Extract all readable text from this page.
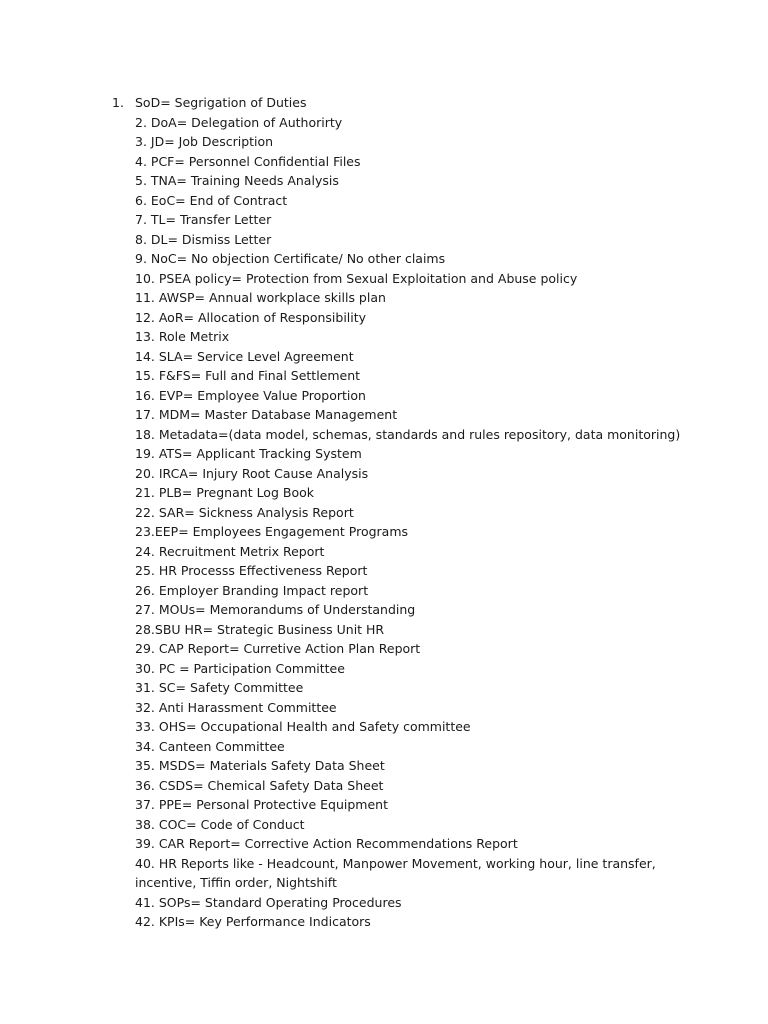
1. SoD= Segrigation of Duties
2. DoA= Delegation of Authorirty
3. JD= Job Description
4. PCF= Personnel Confidential Files
5. TNA= Training Needs Analysis
6. EoC= End of Contract
7. TL= Transfer Letter
8. DL= Dismiss Letter
9. NoC= No objection Certificate/ No other claims
10. PSEA policy= Protection from Sexual Exploitation and Abuse policy
11. AWSP= Annual workplace skills plan
12. AoR= Allocation of Responsibility
13. Role Metrix
14. SLA= Service Level Agreement
15. F&FS= Full and Final Settlement
16. EVP= Employee Value Proportion
17. MDM= Master Database Management
18. Metadata=(data model, schemas, standards and rules repository, data monitoring)
19. ATS= Applicant Tracking System
20. IRCA= Injury Root Cause Analysis
21. PLB= Pregnant Log Book
22. SAR= Sickness Analysis Report
23.EEP= Employees Engagement Programs
24. Recruitment Metrix Report
25. HR Processs Effectiveness Report
26. Employer Branding Impact report
27. MOUs= Memorandums of Understanding
28.SBU HR= Strategic Business Unit HR
29. CAP Report= Curretive Action Plan Report
30. PC = Participation Committee
31. SC= Safety Committee
32. Anti Harassment Committee
33. OHS= Occupational Health and Safety committee
34. Canteen Committee
35. MSDS= Materials Safety Data Sheet
36. CSDS= Chemical Safety Data Sheet
37. PPE= Personal Protective Equipment
38. COC= Code of Conduct
39. CAR Report= Corrective Action Recommendations Report
40. HR Reports like - Headcount, Manpower Movement, working hour, line transfer, incentive, Tiffin order, Nightshift
41. SOPs= Standard Operating Procedures
42. KPIs= Key Performance Indicators
